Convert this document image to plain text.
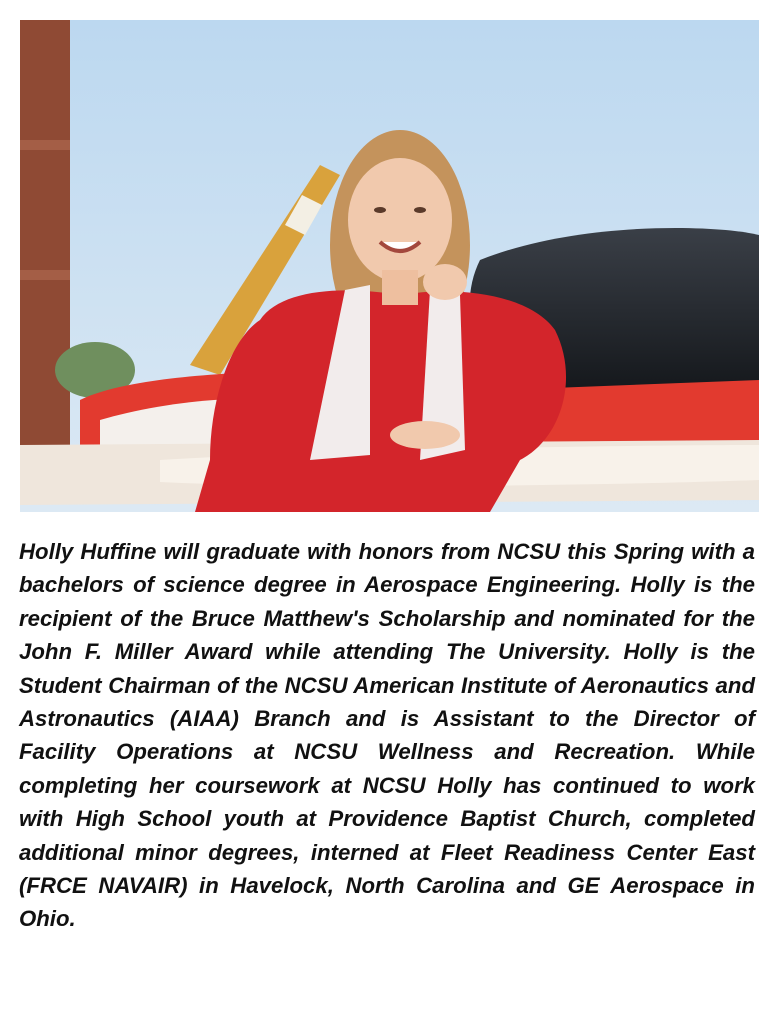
Holly Huffine will graduate with honors from NCSU this Spring with a bachelors of science degree in Aerospace Engineering. Holly is the recipient of the Bruce Matthew's Scholarship and nominated for the John F. Miller Award while attending The University. Holly is the Student Chairman of the NCSU American Institute of Aeronautics and Astronautics (AIAA) Branch and is Assistant to the Director of Facility Operations at NCSU Wellness and Recreation. While completing her coursework at NCSU Holly has continued to work with High School youth at Providence Baptist Church, completed additional minor degrees, interned at Fleet Readiness Center East (FRCE NAVAIR) in Havelock, North Carolina and GE Aerospace in Ohio.
